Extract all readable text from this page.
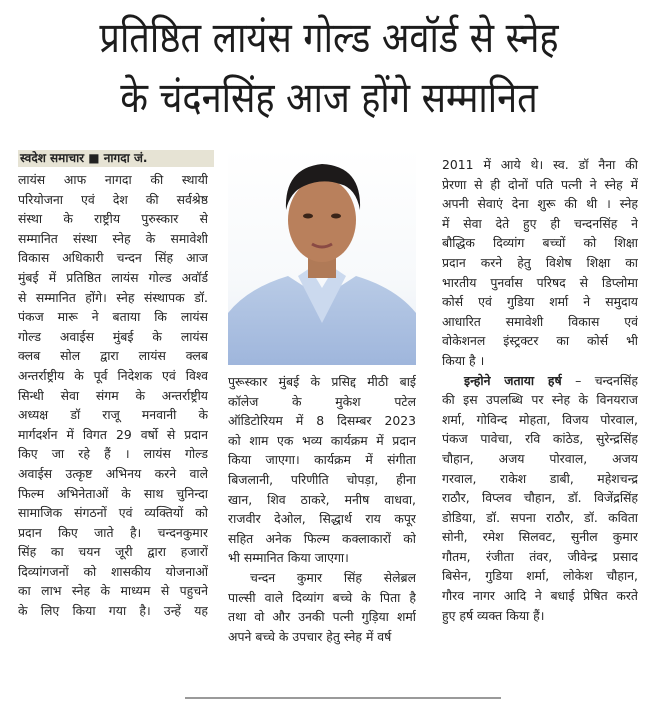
प्रतिष्ठित लायंस गोल्ड अवॉर्ड से स्नेह
के चंदनसिंह आज होंगे सम्मानित
स्वदेश समाचार ■ नागदा जं.
लायंस आफ नागदा की स्थायी
परियोजना एवं देश की सर्वश्रेष्ठ
संस्था के राष्ट्रीय पुरुस्कार से
सम्मानित संस्था स्नेह के समावेशी
विकास अधिकारी चन्दन सिंह आज
मुंबई में प्रतिष्ठित लायंस गोल्ड अवॉर्ड
से सम्मानित होंगे। स्नेह संस्थापक डॉ.
पंकज मारू ने बताया कि लायंस
गोल्ड अवाईस मुंबई के लायंस
क्लब सोल द्वारा लायंस क्लब
अन्तर्राष्ट्रीय के पूर्व निदेशक एवं विश्व
सिन्धी सेवा संगम के अन्तर्राष्ट्रीय
अध्यक्ष डॉ राजू मनवानी के
मार्गदर्शन में विगत 29 वर्षो से प्रदान
किए जा रहे हैं । लायंस गोल्ड
अवाईस उत्कृष्ट अभिनय करने वाले
फिल्म अभिनेताओं के साथ चुनिन्दा
सामाजिक संगठनों एवं व्यक्तियों को
प्रदान किए जाते है। चन्दनकुमार
सिंह का चयन जूरी द्वारा हजारों
दिव्यांगजनों को शासकीय योजनाओं
का लाभ स्नेह के माध्यम से पहुचने
के लिए किया गया है। उन्हें यह
पुरूस्कार मुंबई के प्रसिद्द मीठी बाई
कॉलेज के मुकेश पटेल
ऑडिटोरियम में 8 दिसम्बर 2023
को शाम एक भव्य कार्यक्रम में प्रदान
किया जाएगा। कार्यक्रम में संगीता
बिजलानी, परिणीति चोपड़ा, हीना
खान, शिव ठाकरे, मनीष वाधवा,
राजवीर देओल, सिद्धार्थ राय कपूर
सहित अनेक फिल्म कक्लाकारों को
भी सम्मानित किया जाएगा।
चन्दन कुमार सिंह सेलेब्रल
पाल्सी वाले दिव्यांग बच्चे के पिता है
तथा वो और उनकी पत्नी गुड़िया शर्मा
अपने बच्चे के उपचार हेतु स्नेह में वर्ष
2011 में आये थे। स्व. डॉ नैना की
प्रेरणा से ही दोनों पति पत्नी ने स्नेह में
अपनी सेवाएं देना शुरू की थी । स्नेह
में सेवा देते हुए ही चन्दनसिंह ने
बौद्धिक दिव्यांग बच्चों को शिक्षा
प्रदान करने हेतु विशेष शिक्षा का
भारतीय पुनर्वास परिषद से डिप्लोमा
कोर्स एवं गुडिया शर्मा ने समुदाय
आधारित समावेशी विकास एवं
वोकेशनल इंस्ट्रक्टर का कोर्स भी
किया है ।
इन्होने जताया हर्ष – चन्दनसिंह
की इस उपलब्धि पर स्नेह के विनयराज
शर्मा, गोविन्द मोहता, विजय पोरवाल,
पंकज पावेचा, रवि कांठेड, सुरेन्द्रसिंह
चौहान, अजय पोरवाल, अजय
गरवाल, राकेश डाबी, महेशचन्द्र
राठौर, विप्लव चौहान, डॉ. विजेंद्रसिंह
डोडिया, डॉ. सपना राठौर, डॉ. कविता
सोनी, रमेश सिलवट, सुनील कुमार
गौतम, रंजीता तंवर, जीवेन्द्र प्रसाद
बिसेन, गुडिया शर्मा, लोकेश चौहान,
गौरव नागर आदि ने बधाई प्रेषित करते
हुए हर्ष व्यक्त किया हैं।
